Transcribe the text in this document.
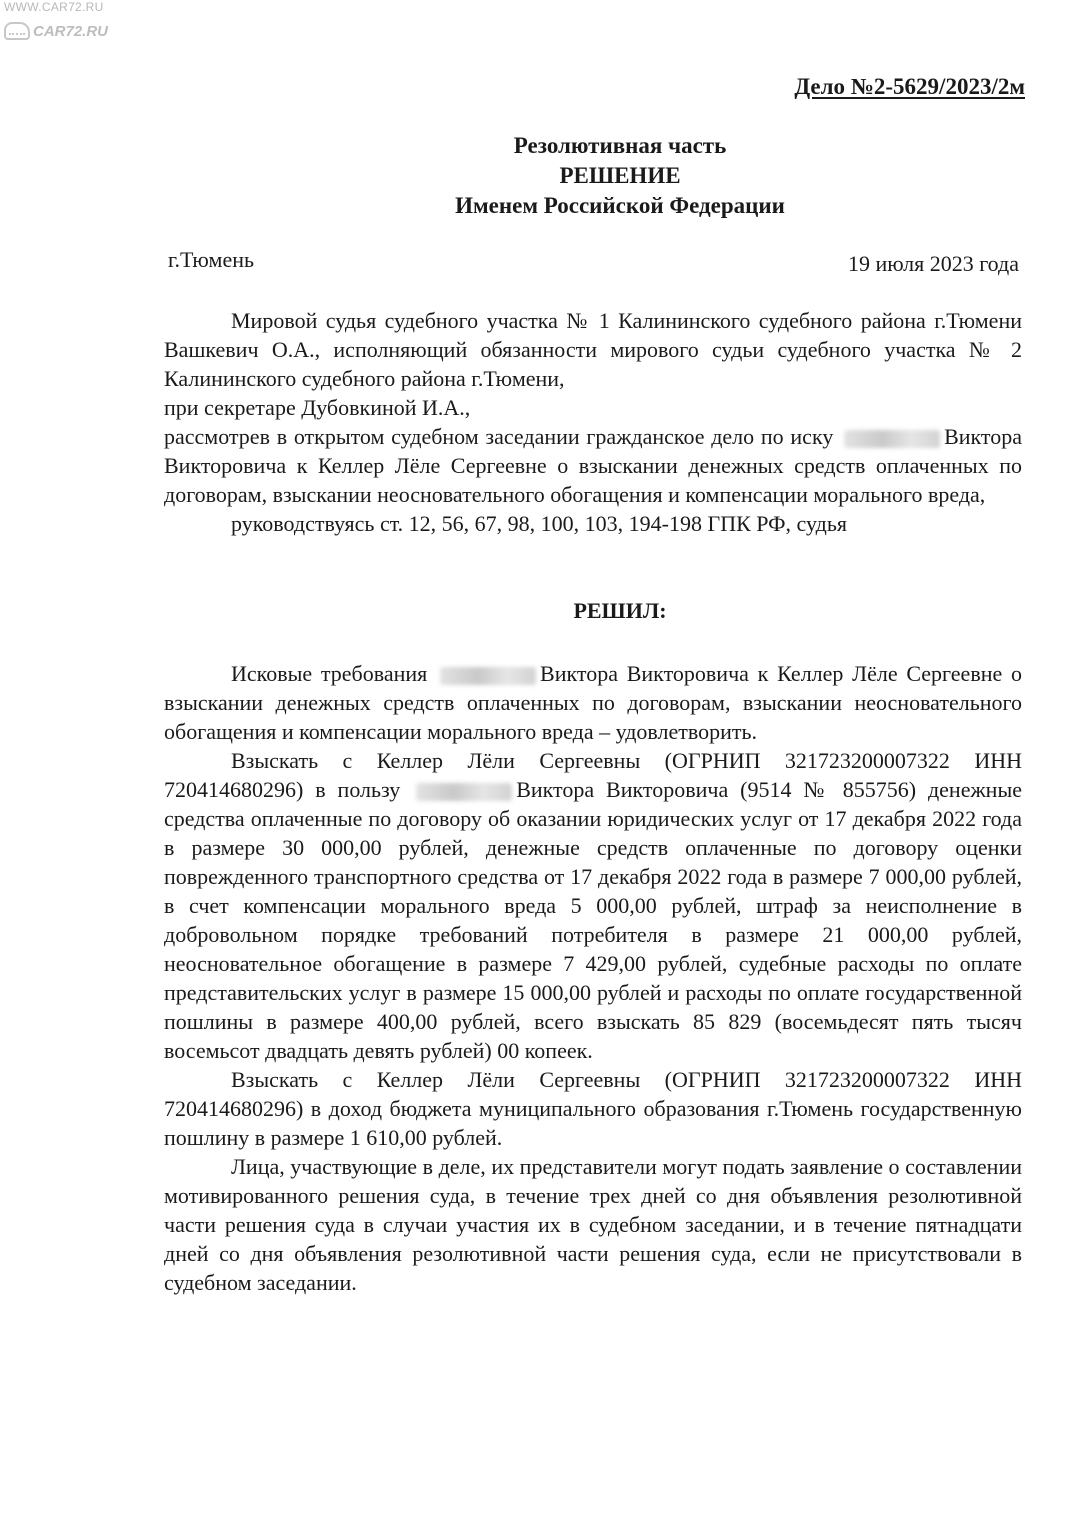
WWW.CAR72.RU
CAR72.RU
Дело №2-5629/2023/2м
Резолютивная часть
РЕШЕНИЕ
Именем Российской Федерации
г.Тюмень	19 июля 2023 года

Мировой судья судебного участка № 1 Калининского судебного района г.Тюмени Вашкевич О.А., исполняющий обязанности мирового судьи судебного участка № 2 Калининского судебного района г.Тюмени,

при секретаре Дубовкиной И.А.,

рассмотрев в открытом судебном заседании гражданское дело по иску	Виктора Викторовича к Келлер Лёле Сергеевне о взыскании денежных средств оплаченных по договорам, взыскании неосновательного обогащения и компенсации морального вреда,

руководствуясь ст. 12, 56, 67, 98, 100, 103, 194-198 ГПК РФ, судья

РЕШИЛ:

Исковые требования	Виктора Викторовича к Келлер Лёле Сергеевне о взыскании денежных средств оплаченных по договорам, взыскании неосновательного обогащения и компенсации морального вреда – удовлетворить.

Взыскать с Келлер Лёли Сергеевны (ОГРНИП 321723200007322 ИНН 720414680296) в пользу	Виктора Викторовича (9514 № 855756) денежные средства оплаченные по договору об оказании юридических услуг от 17 декабря 2022 года в размере 30 000,00 рублей, денежные средств оплаченные по договору оценки поврежденного транспортного средства от 17 декабря 2022 года в размере 7 000,00 рублей, в счет компенсации морального вреда 5 000,00 рублей, штраф за неисполнение в добровольном порядке требований потребителя в размере 21 000,00 рублей, неосновательное обогащение в размере 7 429,00 рублей, судебные расходы по оплате представительских услуг в размере 15 000,00 рублей и расходы по оплате государственной пошлины в размере 400,00 рублей, всего взыскать 85 829 (восемьдесят пять тысяч восемьсот двадцать девять рублей) 00 копеек.

Взыскать с Келлер Лёли Сергеевны (ОГРНИП 321723200007322 ИНН 720414680296) в доход бюджета муниципального образования г.Тюмень государственную пошлину в размере 1 610,00 рублей.

Лица, участвующие в деле, их представители могут подать заявление о составлении мотивированного решения суда, в течение трех дней со дня объявления резолютивной части решения суда в случаи участия их в судебном заседании, и в течение пятнадцати дней со дня объявления резолютивной части решения суда, если не присутствовали в судебном заседании.
